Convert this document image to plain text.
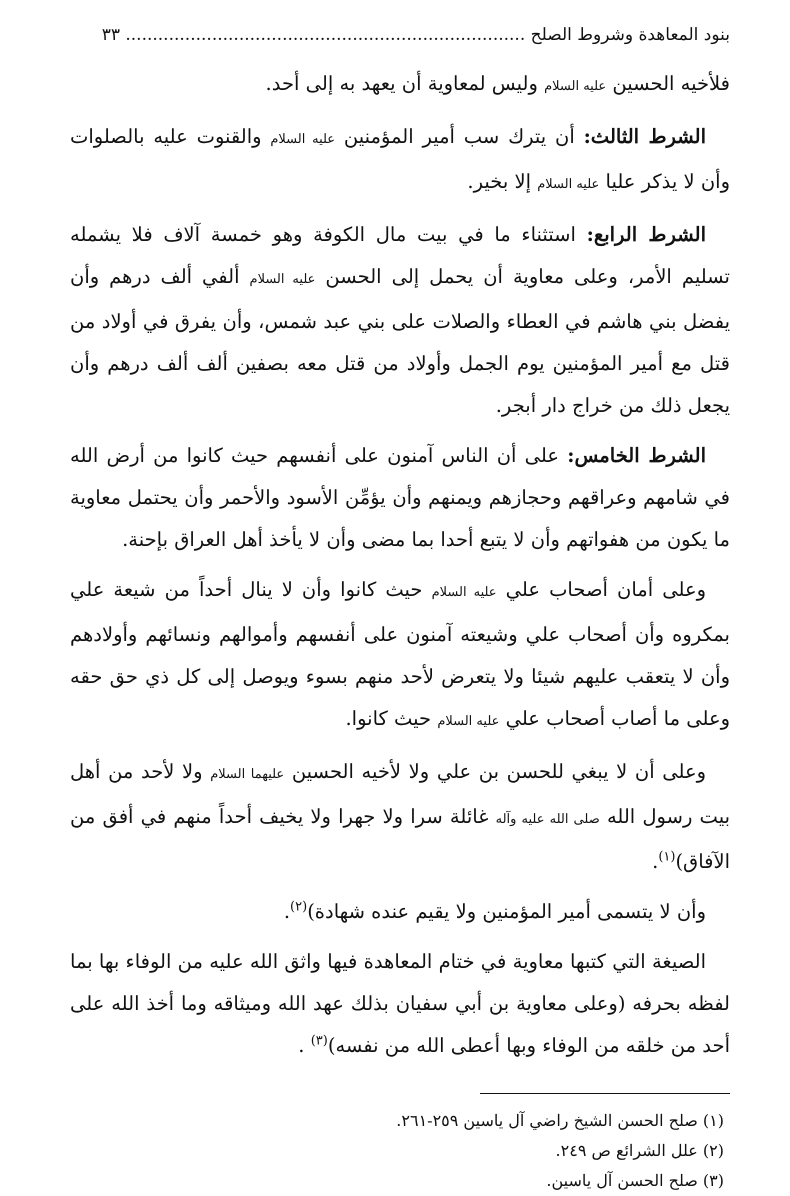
بنود المعاهدة وشروط الصلح .......................................................................... ٣٣

فلأخيه الحسين عليه السلام وليس لمعاوية أن يعهد به إلى أحد.

الشرط الثالث: أن يترك سب أمير المؤمنين عليه السلام والقنوت عليه بالصلوات وأن لا يذكر عليا عليه السلام إلا بخير.

الشرط الرابع: استثناء ما في بيت مال الكوفة وهو خمسة آلاف فلا يشمله تسليم الأمر، وعلى معاوية أن يحمل إلى الحسن عليه السلام ألفي ألف درهم وأن يفضل بني هاشم في العطاء والصلات على بني عبد شمس، وأن يفرق في أولاد من قتل مع أمير المؤمنين يوم الجمل وأولاد من قتل معه بصفين ألف ألف درهم وأن يجعل ذلك من خراج دار أبجر.

الشرط الخامس: على أن الناس آمنون على أنفسهم حيث كانوا من أرض الله في شامهم وعراقهم وحجازهم ويمنهم وأن يؤمِّن الأسود والأحمر وأن يحتمل معاوية ما يكون من هفواتهم وأن لا يتبع أحدا بما مضى وأن لا يأخذ أهل العراق بإحنة.

وعلى أمان أصحاب علي عليه السلام حيث كانوا وأن لا ينال أحداً من شيعة علي بمكروه وأن أصحاب علي وشيعته آمنون على أنفسهم وأموالهم ونسائهم وأولادهم وأن لا يتعقب عليهم شيئا ولا يتعرض لأحد منهم بسوء ويوصل إلى كل ذي حق حقه وعلى ما أصاب أصحاب علي عليه السلام حيث كانوا.

وعلى أن لا يبغي للحسن بن علي ولا لأخيه الحسين عليهما السلام ولا لأحد من أهل بيت رسول الله صلى الله عليه وآله غائلة سرا ولا جهرا ولا يخيف أحداً منهم في أفق من الآفاق)$^{(١)}$.

وأن لا يتسمى أمير المؤمنين ولا يقيم عنده شهادة)$^{(٢)}$.

الصيغة التي كتبها معاوية في ختام المعاهدة فيها واثق الله عليه من الوفاء بها بما لفظه بحرفه (وعلى معاوية بن أبي سفيان بذلك عهد الله وميثاقه وما أخذ الله على أحد من خلقه من الوفاء وبها أعطى الله من نفسه)$^{(٣)}$ .

(١) صلح الحسن الشيخ راضي آل ياسين ٢٥٩-٢٦١.
(٢) علل الشرائع ص ٢٤٩.
(٣) صلح الحسن آل ياسين.
